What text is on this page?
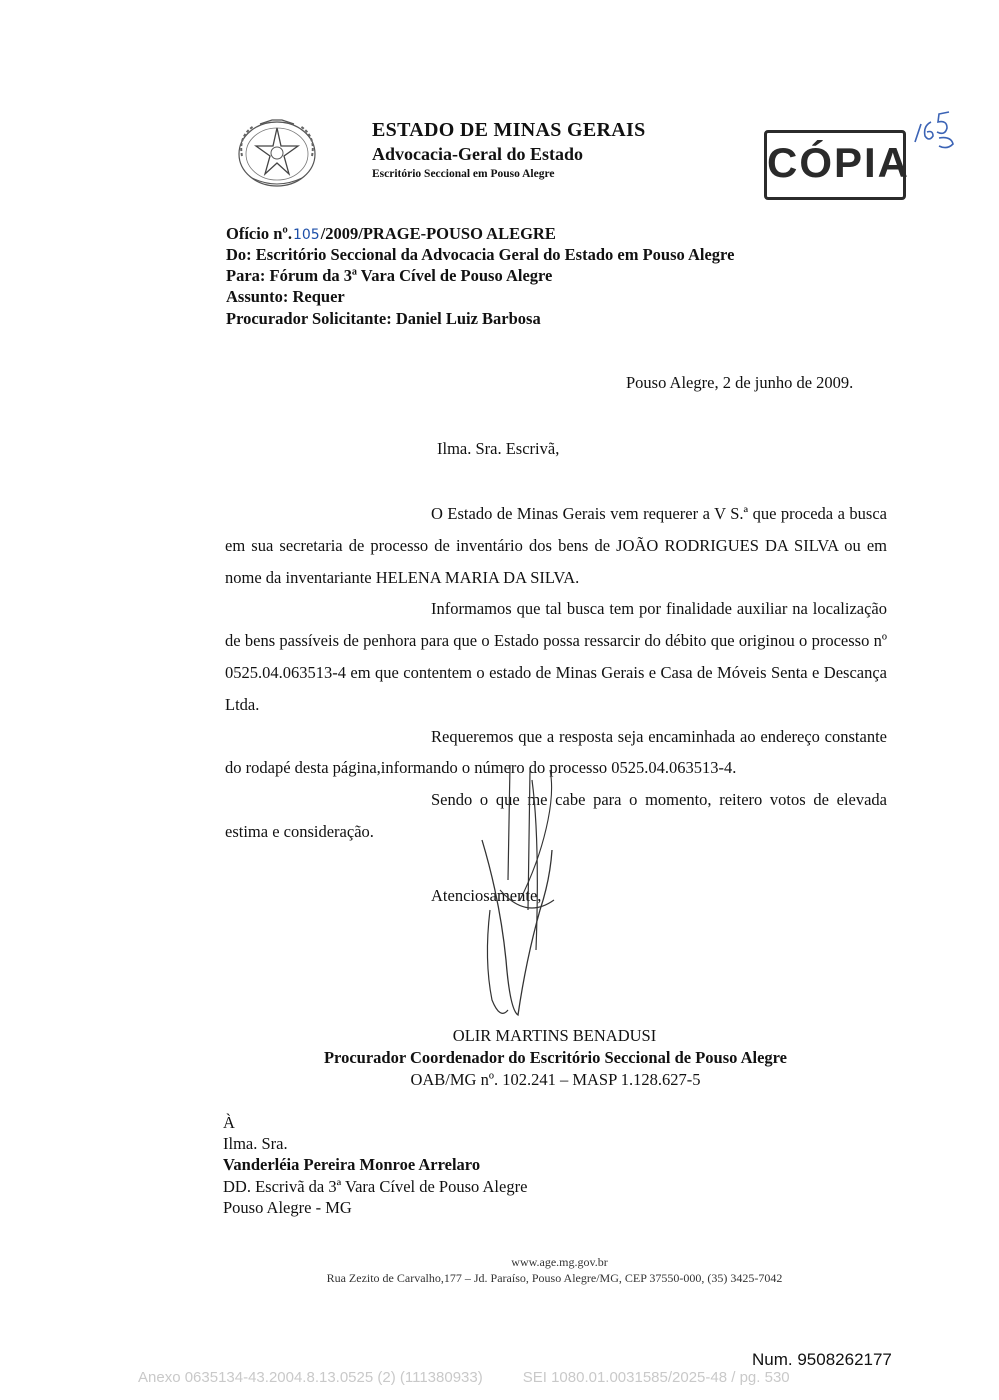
ESTADO DE MINAS GERAIS
Advocacia-Geral do Estado
Escritório Seccional em Pouso Alegre	CÓPIA
Ofício nº.105/2009/PRAGE-POUSO ALEGRE
Do: Escritório Seccional da Advocacia Geral do Estado em Pouso Alegre
Para: Fórum da 3ª Vara Cível de Pouso Alegre
Assunto: Requer
Procurador Solicitante: Daniel Luiz Barbosa
Pouso Alegre, 2 de junho de 2009.
Ilma. Sra. Escrivã,

O Estado de Minas Gerais vem requerer a V S.ª que proceda a busca em sua secretaria de processo de inventário dos bens de JOÃO RODRIGUES DA SILVA ou em nome da inventariante HELENA MARIA DA SILVA.

Informamos que tal busca tem por finalidade auxiliar na localização de bens passíveis de penhora para que o Estado possa ressarcir do débito que originou o processo nº 0525.04.063513-4 em que contentem o estado de Minas Gerais e Casa de Móveis Senta e Descança Ltda.

Requeremos que a resposta seja encaminhada ao endereço constante do rodapé desta página,informando o número do processo 0525.04.063513-4.

Sendo o que me cabe para o momento, reitero votos de elevada estima e consideração.

Atenciosamente,
OLIR MARTINS BENADUSI
Procurador Coordenador do Escritório Seccional de Pouso Alegre
OAB/MG nº. 102.241 – MASP 1.128.627-5
À
Ilma. Sra.
Vanderléia Pereira Monroe Arrelaro
DD. Escrivã da 3ª Vara Cível de Pouso Alegre
Pouso Alegre - MG
www.age.mg.gov.br
Rua Zezito de Carvalho,177 – Jd. Paraíso, Pouso Alegre/MG, CEP 37550-000, (35) 3425-7042
Num. 9508262177
Anexo 0635134-43.2004.8.13.0525 (2) (111380933)	SEI 1080.01.0031585/2025-48 / pg. 530
